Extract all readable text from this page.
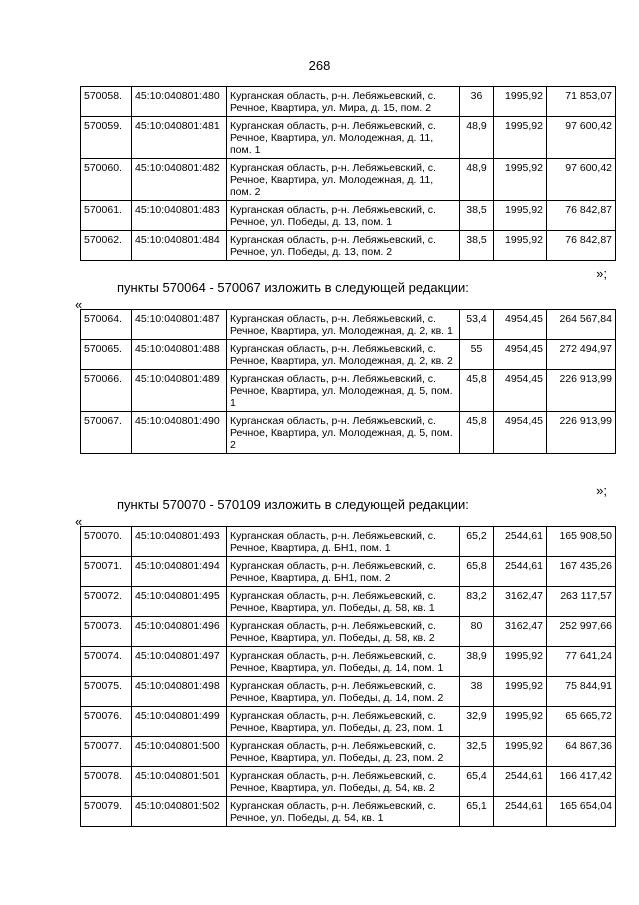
268
570058.	45:10:040801:480	Курганская область, р-н. Лебяжьевский, с. Речное, Квартира, ул. Мира, д. 15, пом. 2	36	1995,92	71 853,07
570059.	45:10:040801:481	Курганская область, р-н. Лебяжьевский, с. Речное, Квартира, ул. Молодежная, д. 11, пом. 1	48,9	1995,92	97 600,42
570060.	45:10:040801:482	Курганская область, р-н. Лебяжьевский, с. Речное, Квартира, ул. Молодежная, д. 11, пом. 2	48,9	1995,92	97 600,42
570061.	45:10:040801:483	Курганская область, р-н. Лебяжьевский, с. Речное, ул. Победы, д. 13, пом. 1	38,5	1995,92	76 842,87
570062.	45:10:040801:484	Курганская область, р-н. Лебяжьевский, с. Речное, ул. Победы, д. 13, пом. 2	38,5	1995,92	76 842,87
»;
пункты 570064 - 570067 изложить в следующей редакции:
«
570064.	45:10:040801:487	Курганская область, р-н. Лебяжьевский, с. Речное, Квартира, ул. Молодежная, д. 2, кв. 1	53,4	4954,45	264 567,84
570065.	45:10:040801:488	Курганская область, р-н. Лебяжьевский, с. Речное, Квартира, ул. Молодежная, д. 2, кв. 2	55	4954,45	272 494,97
570066.	45:10:040801:489	Курганская область, р-н. Лебяжьевский, с. Речное, Квартира, ул. Молодежная, д. 5, пом. 1	45,8	4954,45	226 913,99
570067.	45:10:040801:490	Курганская область, р-н. Лебяжьевский, с. Речное, Квартира, ул. Молодежная, д. 5, пом. 2	45,8	4954,45	226 913,99
»;
пункты 570070 - 570109 изложить в следующей редакции:
«
570070.	45:10:040801:493	Курганская область, р-н. Лебяжьевский, с. Речное, Квартира, д. БН1, пом. 1	65,2	2544,61	165 908,50
570071.	45:10:040801:494	Курганская область, р-н. Лебяжьевский, с. Речное, Квартира, д. БН1, пом. 2	65,8	2544,61	167 435,26
570072.	45:10:040801:495	Курганская область, р-н. Лебяжьевский, с. Речное, Квартира, ул. Победы, д. 58, кв. 1	83,2	3162,47	263 117,57
570073.	45:10:040801:496	Курганская область, р-н. Лебяжьевский, с. Речное, Квартира, ул. Победы, д. 58, кв. 2	80	3162,47	252 997,66
570074.	45:10:040801:497	Курганская область, р-н. Лебяжьевский, с. Речное, Квартира, ул. Победы, д. 14, пом. 1	38,9	1995,92	77 641,24
570075.	45:10:040801:498	Курганская область, р-н. Лебяжьевский, с. Речное, Квартира, ул. Победы, д. 14, пом. 2	38	1995,92	75 844,91
570076.	45:10:040801:499	Курганская область, р-н. Лебяжьевский, с. Речное, Квартира, ул. Победы, д. 23, пом. 1	32,9	1995,92	65 665,72
570077.	45:10:040801:500	Курганская область, р-н. Лебяжьевский, с. Речное, Квартира, ул. Победы, д. 23, пом. 2	32,5	1995,92	64 867,36
570078.	45:10:040801:501	Курганская область, р-н. Лебяжьевский, с. Речное, Квартира, ул. Победы, д. 54, кв. 2	65,4	2544,61	166 417,42
570079.	45:10:040801:502	Курганская область, р-н. Лебяжьевский, с. Речное, ул. Победы, д. 54, кв. 1	65,1	2544,61	165 654,04
